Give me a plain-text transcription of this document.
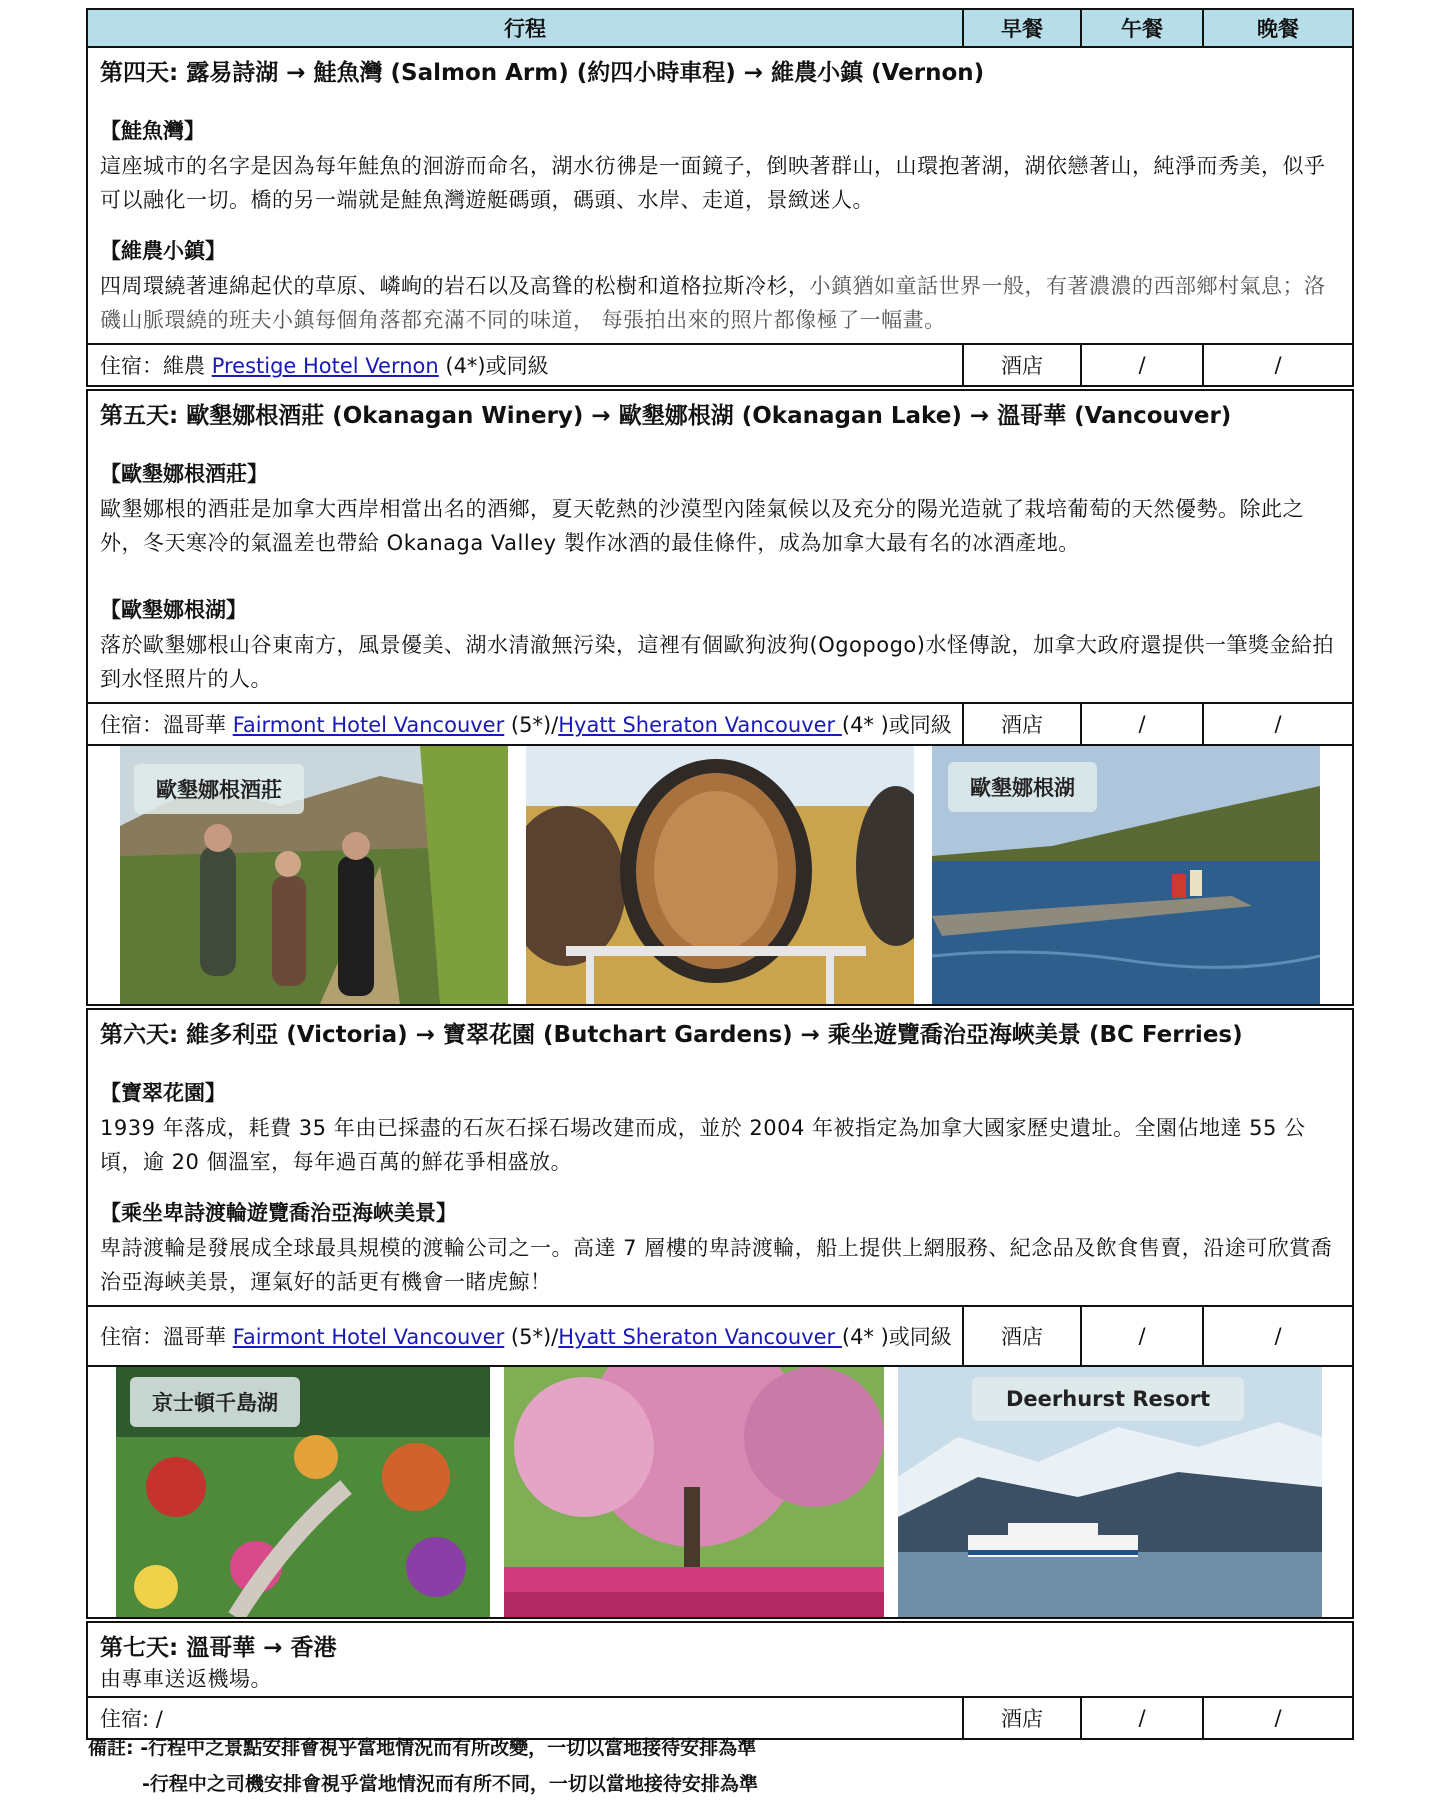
行程	早餐	午餐	晚餐

第四天: 露易詩湖 → 鮭魚灣 (Salmon Arm) (約四小時車程) → 維農小鎮 (Vernon)
【鮭魚灣】
這座城市的名字是因為每年鮭魚的洄游而命名，湖水彷彿是一面鏡子，倒映著群山，山環抱著湖，湖依戀著山，純淨而秀美，似乎可以融化一切。橋的另一端就是鮭魚灣遊艇碼頭，碼頭、水岸、走道，景緻迷人。
【維農小鎮】
四周環繞著連綿起伏的草原、嶙峋的岩石以及高聳的松樹和道格拉斯冷杉，小鎮猶如童話世界一般，有著濃濃的西部鄉村氣息；洛磯山脈環繞的班夫小鎮每個角落都充滿不同的味道， 每張拍出來的照片都像極了一幅畫。			

住宿：維農 Prestige Hotel Vernon (4*)或同級	酒店	/	/

第五天: 歐墾娜根酒莊 (Okanagan Winery) → 歐墾娜根湖 (Okanagan Lake) → 溫哥華 (Vancouver)
【歐墾娜根酒莊】
歐墾娜根的酒莊是加拿大西岸相當出名的酒鄉，夏天乾熱的沙漠型內陸氣候以及充分的陽光造就了栽培葡萄的天然優勢。除此之外，冬天寒冷的氣溫差也帶給 Okanaga Valley 製作冰酒的最佳條件，成為加拿大最有名的冰酒產地。
【歐墾娜根湖】
落於歐墾娜根山谷東南方，風景優美、湖水清澈無污染，這裡有個歐狗波狗(Ogopogo)水怪傳說，加拿大政府還提供一筆獎金給拍到水怪照片的人。			

住宿：溫哥華 Fairmont Hotel Vancouver (5*)/Hyatt Sheraton Vancouver (4* )或同級	酒店	/	/

歐墾娜根酒莊 歐墾娜根湖			

第六天: 維多利亞 (Victoria) → 寶翠花園 (Butchart Gardens) → 乘坐遊覽喬治亞海峽美景 (BC Ferries)
【寶翠花園】
1939 年落成，耗費 35 年由已採盡的石灰石採石場改建而成，並於 2004 年被指定為加拿大國家歷史遺址。全園佔地達 55 公頃，逾 20 個溫室，每年過百萬的鮮花爭相盛放。
【乘坐卑詩渡輪遊覽喬治亞海峽美景】
卑詩渡輪是發展成全球最具規模的渡輪公司之一。高達 7 層樓的卑詩渡輪，船上提供上網服務、紀念品及飲食售賣，沿途可欣賞喬治亞海峽美景，運氣好的話更有機會一睹虎鯨！			

住宿：溫哥華 Fairmont Hotel Vancouver (5*)/Hyatt Sheraton Vancouver (4* )或同級	酒店	/	/

京士頓千島湖 Deerhurst Resort			

第七天: 溫哥華 → 香港
由專車送返機場。			

住宿: /	酒店	/	/
備註: -行程中之景點安排會視乎當地情況而有所改變，一切以當地接待安排為準
-行程中之司機安排會視乎當地情況而有所不同，一切以當地接待安排為準
